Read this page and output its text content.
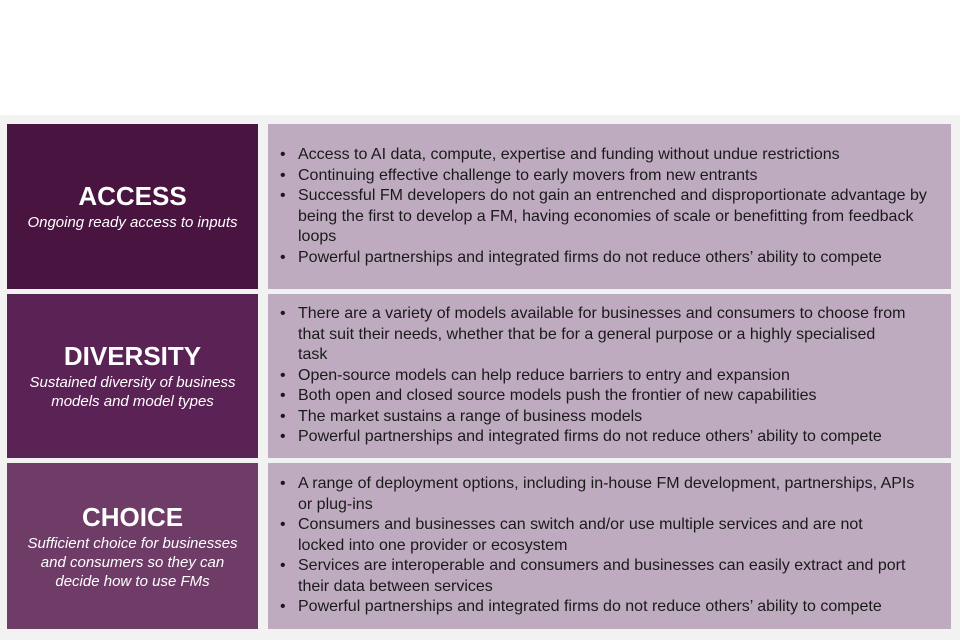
ACCESS
Ongoing ready access to inputs
• Access to AI data, compute, expertise and funding without undue restrictions
• Continuing effective challenge to early movers from new entrants
• Successful FM developers do not gain an entrenched and disproportionate advantage by being the first to develop a FM, having economies of scale or benefitting from feedback loops
• Powerful partnerships and integrated firms do not reduce others’ ability to compete
DIVERSITY
Sustained diversity of business models and model types
• There are a variety of models available for businesses and consumers to choose from that suit their needs, whether that be for a general purpose or a highly specialised task
• Open-source models can help reduce barriers to entry and expansion
• Both open and closed source models push the frontier of new capabilities
• The market sustains a range of business models
• Powerful partnerships and integrated firms do not reduce others’ ability to compete
CHOICE
Sufficient choice for businesses and consumers so they can decide how to use FMs
• A range of deployment options, including in-house FM development, partnerships, APIs or plug-ins
• Consumers and businesses can switch and/or use multiple services and are not locked into one provider or ecosystem
• Services are interoperable and consumers and businesses can easily extract and port their data between services
• Powerful partnerships and integrated firms do not reduce others’ ability to compete
